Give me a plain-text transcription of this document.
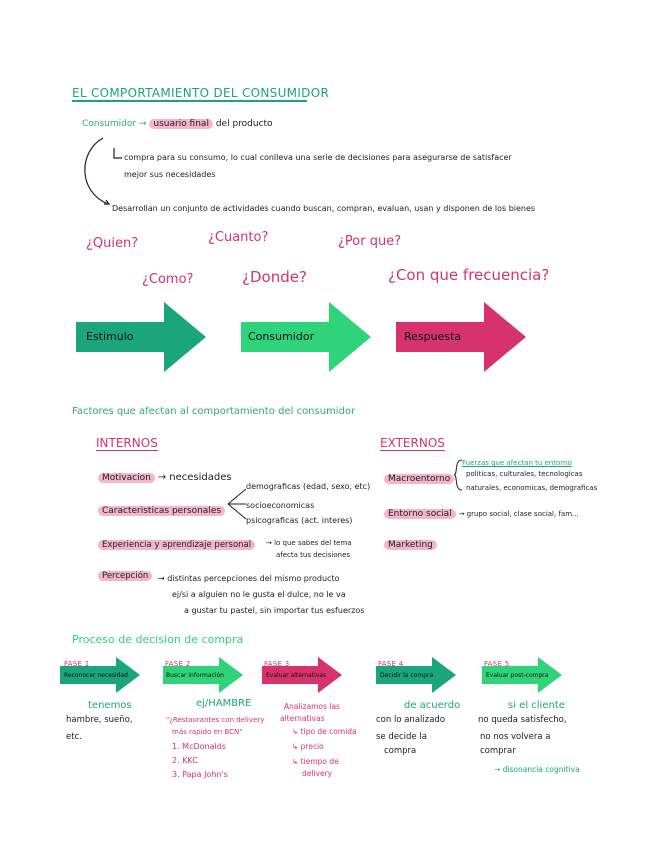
EL COMPORTAMIENTO DEL CONSUMIDOR
Consumidor → usuario final del producto
compra para su consumo, lo cual conlleva una serie de decisiones para asegurarse de satisfacer
mejor sus necesidades
Desarrollan un conjunto de actividades cuando buscan, compran, evaluan, usan y disponen de los bienes
¿Quien?	¿Cuanto?	¿Por que?
¿Como?	¿Donde?	¿Con que frecuencia?
Estimulo	Consumidor	Respuesta
Factores que afectan al comportamiento del consumidor
INTERNOS	EXTERNOS
Motivacion → necesidades
demograficas (edad, sexo, etc)
socioeconomicas
psicograficas (act. interes)
Caracteristicas personales
Experiencia y aprendizaje personal	→ lo que sabes del tema
afecta tus decisiones
Percepción	→ distintas percepciones del mismo producto
ej/si a alguien no le gusta el dulce, no le va
a gustar tu pastel, sin importar tus esfuerzos
Fuerzas que afectan tu entorno
politicas, culturales, tecnologicas
naturales, economicas, demograficas
Macroentorno
Entorno social → grupo social, clase social, fam...
Marketing
Proceso de decision de compra
FASE 1	FASE 2	FASE 3	FASE 4	FASE 5
Reconocer necesidad	Buscar información	Evaluar alternativas	Decidir la compra	Evaluar post-compra
tenemos
hambre, sueño,
etc.
ej/HAMBRE
"¿Restaurantes con delivery
más rapido en BCN"
1. McDonalds
2. KKC
3. Papa John's
Analizamos las
alternativas
↳ tipo de comida
↳ precio
↳ tiempo de
delivery
de acuerdo
con lo analizado
se decide la
compra
si el cliente
no queda satisfecho,
no nos volvera a
comprar
→ disonancia cognitiva
